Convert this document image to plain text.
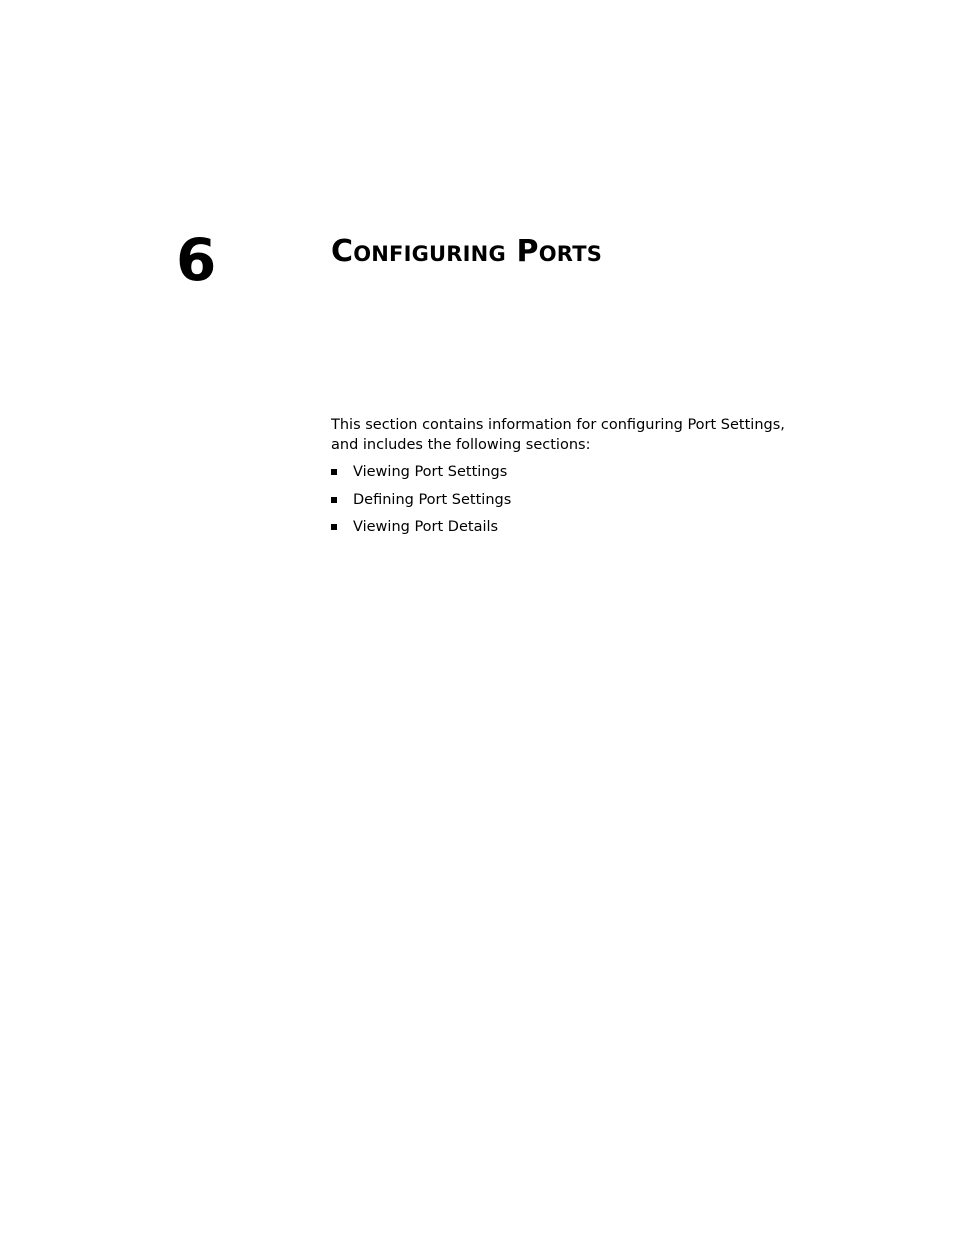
6	Configuring Ports

This section contains information for configuring Port Settings, and includes the following sections:

Viewing Port Settings
Defining Port Settings
Viewing Port Details
